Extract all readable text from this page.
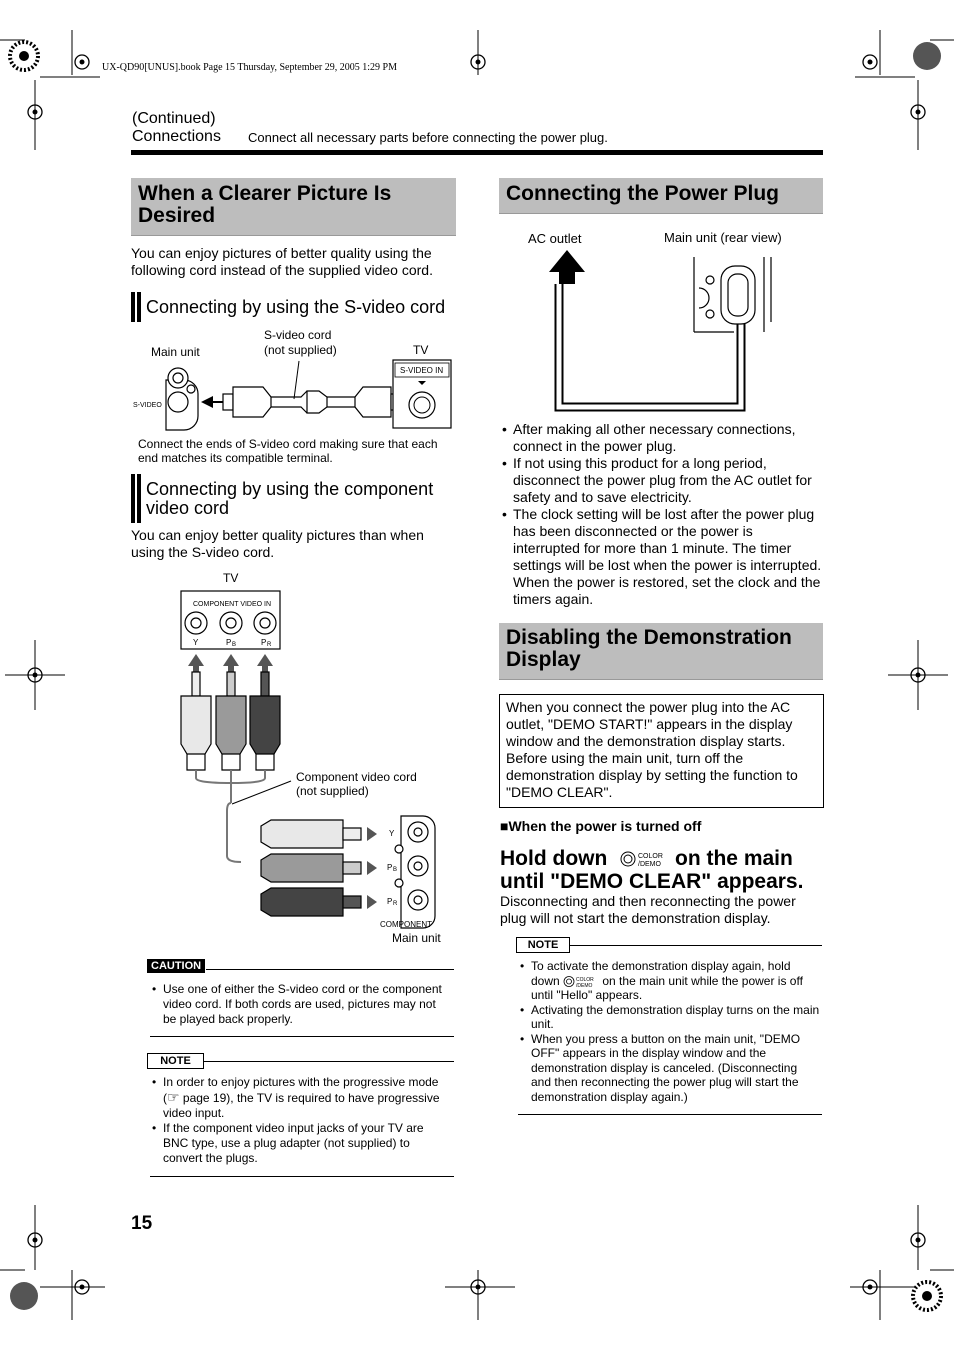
UX-QD90[UNUS].book Page 15 Thursday, September 29, 2005 1:29 PM
(Continued)
Connections Connect all necessary parts before connecting the power plug.
When a Clearer Picture Is Desired
You can enjoy pictures of better quality using the following cord instead of the supplied video cord.
Connecting by using the S-video cord
Main unit
S-video cord
(not supplied)	TV
S-VIDEO
S-VIDEO IN
Connect the ends of S-video cord making sure that each end matches its compatible terminal.
Connecting by using the component video cord
You can enjoy better quality pictures than when using the S-video cord.
TV
COMPONENT VIDEO IN
Y	P B	P R
Component video cord
(not supplied)
Y
P B
P R
COMPONENT
Main unit
CAUTION
• Use one of either the S-video cord or the component video cord. If both cords are used, pictures may not be played back properly.
NOTE
• In order to enjoy pictures with the progressive mode (☞ page 19), the TV is required to have progressive video input.
• If the component video input jacks of your TV are BNC type, use a plug adapter (not supplied) to convert the plugs.
15
Connecting the Power Plug
AC outlet	Main unit (rear view)
• After making all other necessary connections, connect in the power plug.
• If not using this product for a long period, disconnect the power plug from the AC outlet for safety and to save electricity.
• The clock setting will be lost after the power plug has been disconnected or the power is interrupted for more than 1 minute. The timer settings will be lost when the power is interrupted. When the power is restored, set the clock and the timers again.
Disabling the Demonstration Display
When you connect the power plug into the AC outlet, "DEMO START!" appears in the display window and the demonstration display starts. Before using the main unit, turn off the demonstration display by setting the function to "DEMO CLEAR".
■When the power is turned off
Hold down	COLOR
/DEMO on the main
until "DEMO CLEAR" appears.
Disconnecting and then reconnecting the power plug will not start the demonstration display.
NOTE
• To activate the demonstration display again, hold down	COLOR
/DEMO on the main unit while the power is off until "Hello" appears.
• Activating the demonstration display turns on the main unit.
• When you press a button on the main unit, "DEMO OFF" appears in the display window and the demonstration display is canceled. (Disconnecting and then reconnecting the power plug will start the demonstration display again.)
